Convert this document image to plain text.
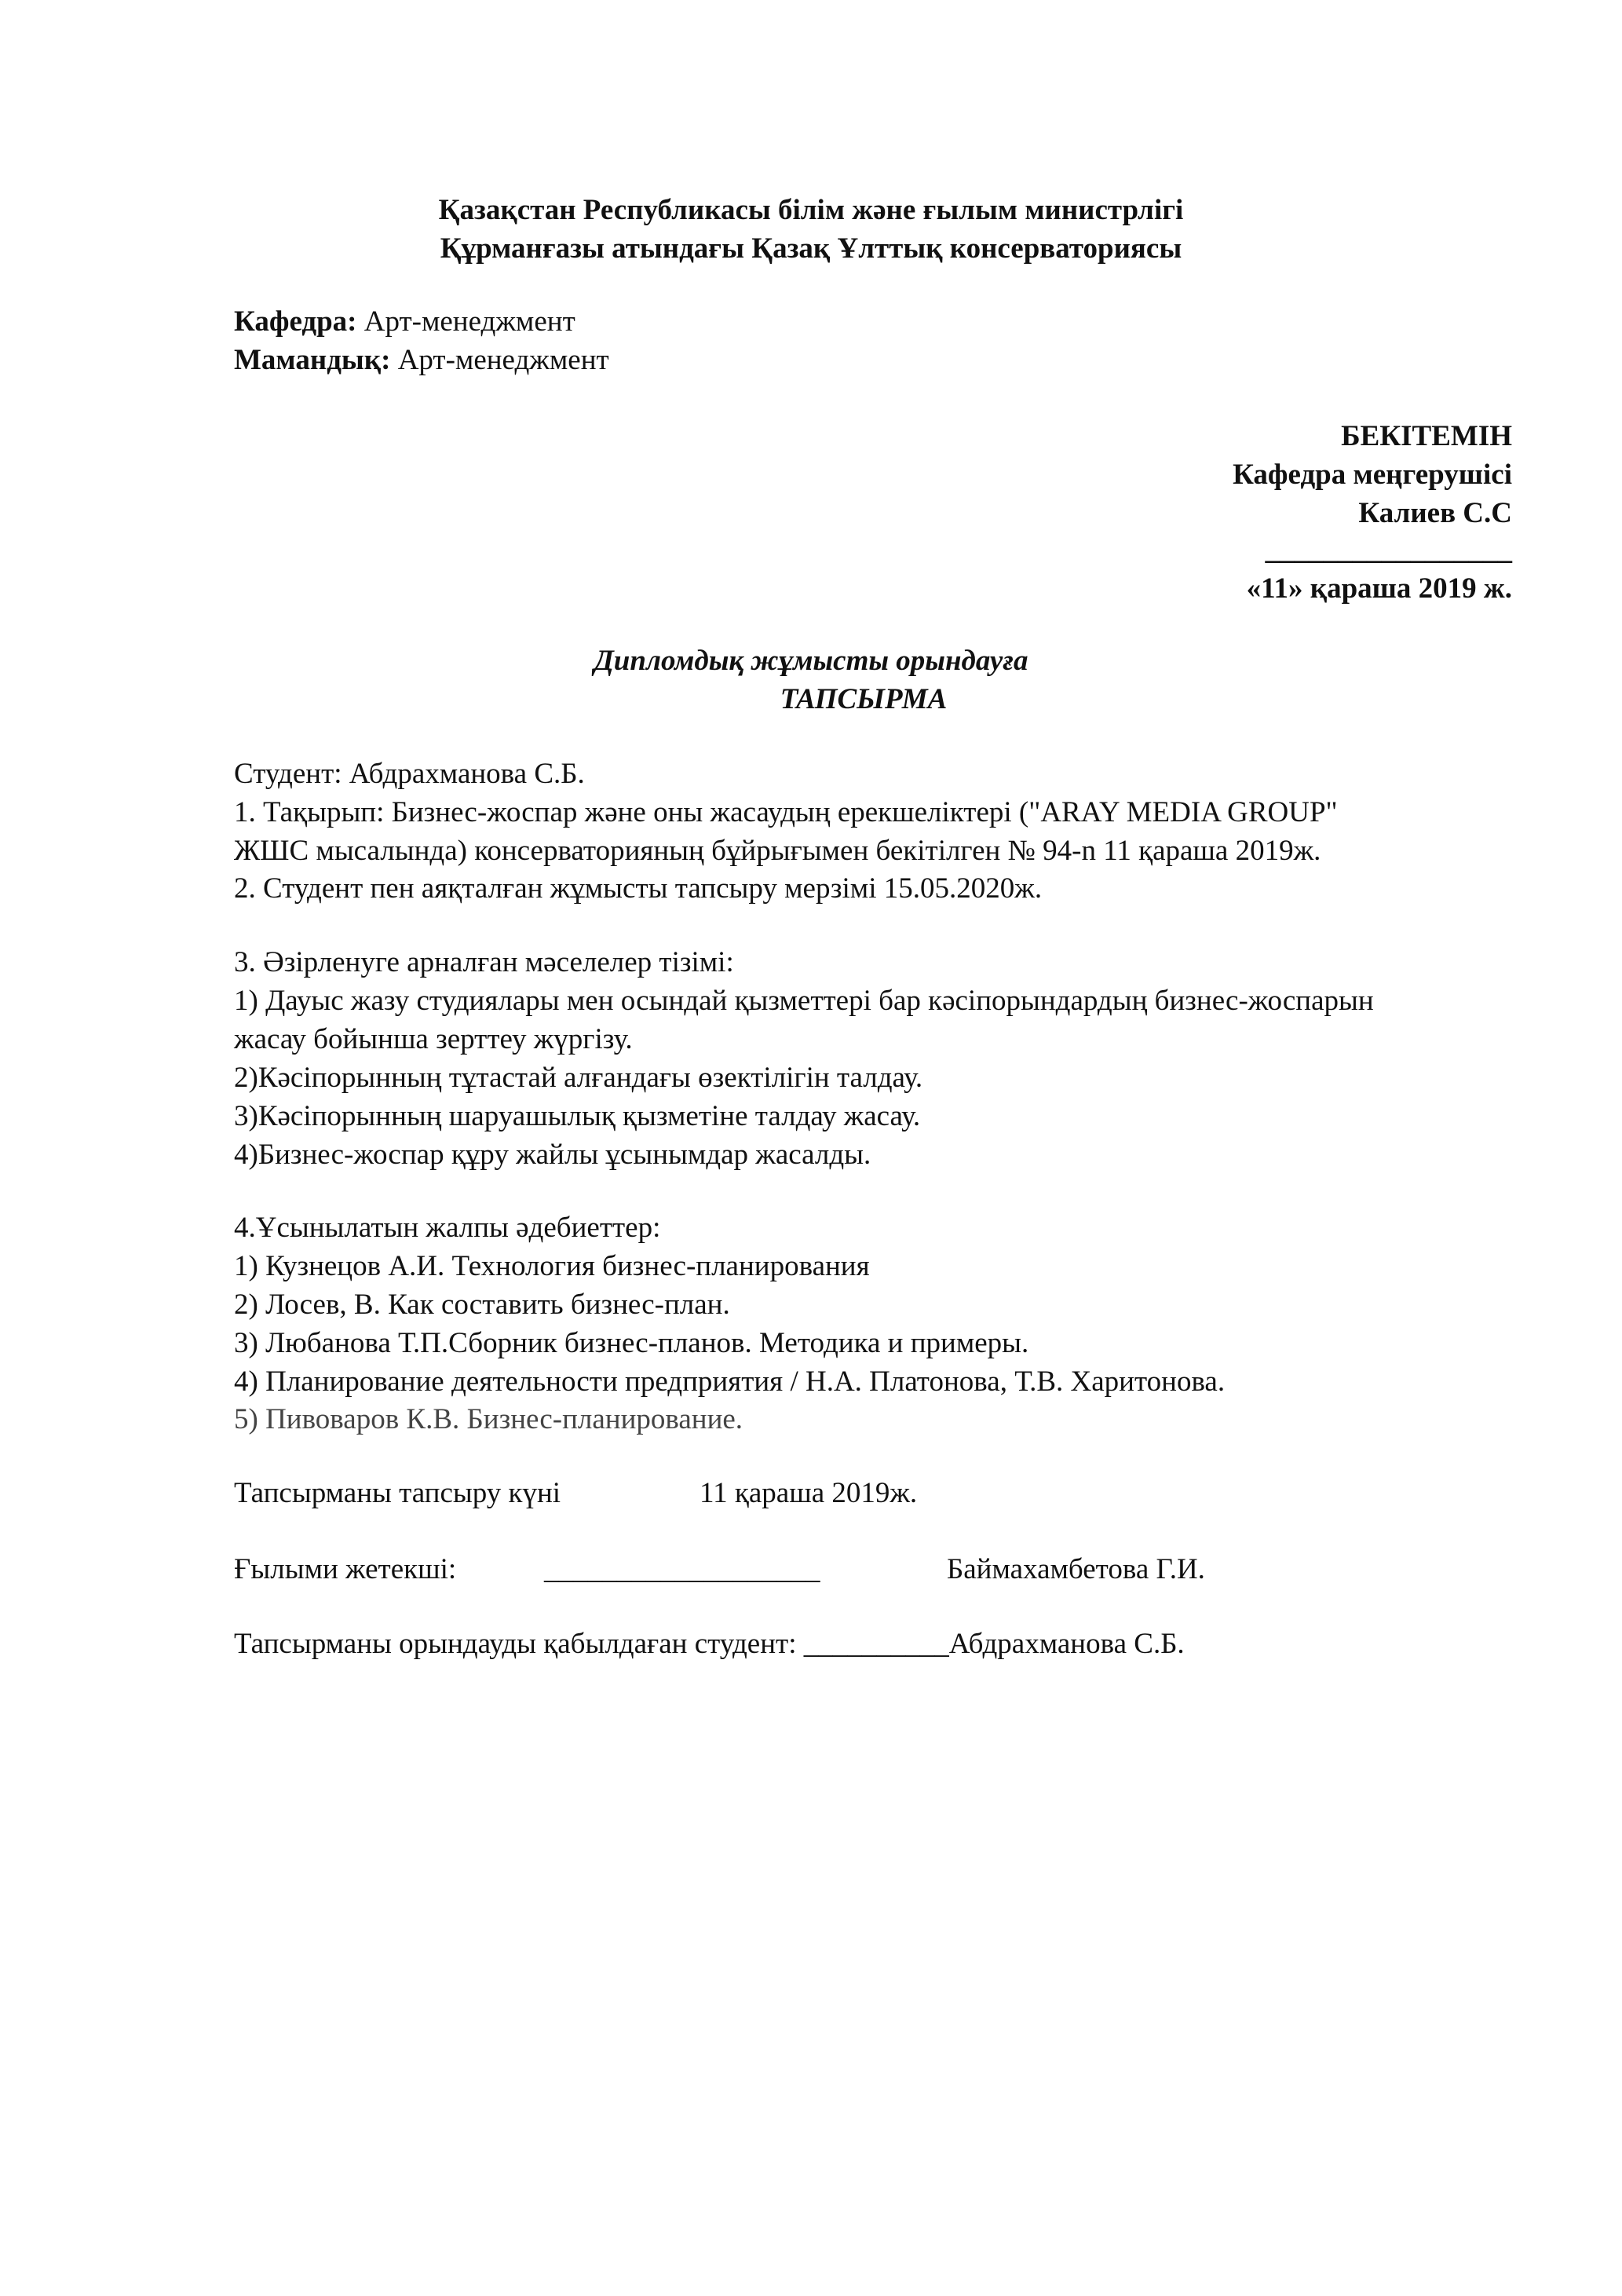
Қазақстан Республикасы білім және ғылым министрлігі
Құрманғазы атындағы Қазақ Ұлттық консерваториясы
Кафедра: Арт-менеджмент
Мамандық: Арт-менеджмент
БЕКІТЕМІН
Кафедра меңгерушісі
Калиев С.С
_________________
«11» қараша 2019 ж.
Дипломдық жұмысты орындауға
ТАПСЫРМА
Студент: Абдрахманова С.Б.
1. Тақырып: Бизнес-жоспар және оны жасаудың ерекшеліктері ("ARAY MEDIA GROUP"
ЖШС мысалында) консерваторияның бұйрығымен бекітілген № 94-n 11 қараша 2019ж.
2. Студент пен аяқталған жұмысты тапсыру мерзімі 15.05.2020ж.
3. Әзірленуге арналған мәселелер тізімі:
1) Дауыс жазу студиялары мен осындай қызметтері бар кәсіпорындардың бизнес-жоспарын
жасау бойынша зерттеу жүргізу.
2)Кәсіпорынның тұтастай алғандағы өзектілігін талдау.
3)Кәсіпорынның шаруашылық қызметіне талдау жасау.
4)Бизнес-жоспар құру жайлы ұсынымдар жасалды.
4.Ұсынылатын жалпы әдебиеттер:
1) Кузнецов А.И. Технология бизнес-планирования
2) Лосев, В. Как составить бизнес-план.
3) Любанова Т.П.Сборник бизнес-планов. Методика и примеры.
4) Планирование деятельности предприятия / Н.А. Платонова, Т.В. Харитонова.
5) Пивоваров К.В. Бизнес-планирование.
Тапсырманы тапсыру күні	11 қараша 2019ж.
Ғылыми жетекші:	___________________	Баймахамбетова Г.И.
Тапсырманы орындауды қабылдаған студент: __________Абдрахманова С.Б.
